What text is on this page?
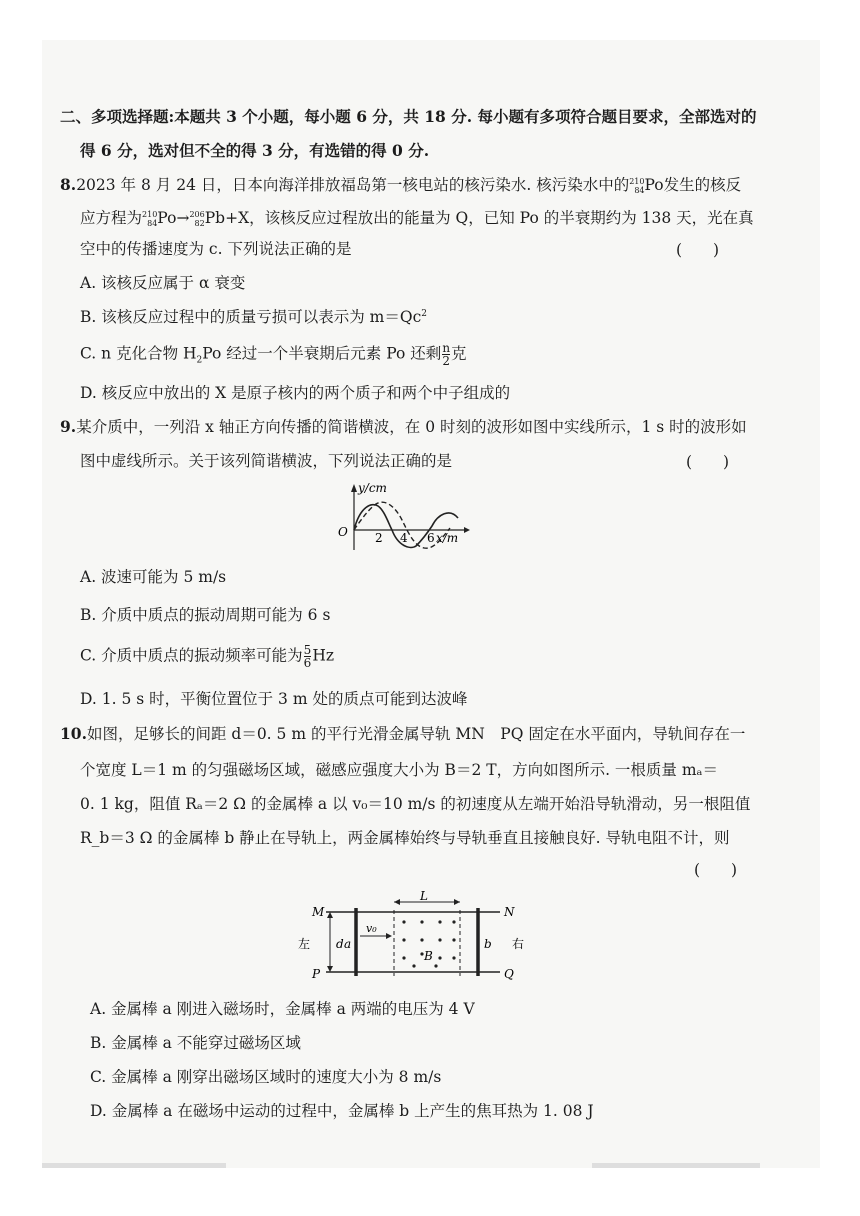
二、多项选择题:本题共 3 个小题，每小题 6 分，共 18 分. 每小题有多项符合题目要求，全部选对的
得 6 分，选对但不全的得 3 分，有选错的得 0 分.
8.2023 年 8 月 24 日，日本向海洋排放福岛第一核电站的核污染水. 核污染水中的 210
84 Po发生的核反
应方程为 210
84 Po→ 206
82 Pb+X，该核反应过程放出的能量为 Q，已知 Po 的半衰期约为 138 天，光在真
空中的传播速度为 c. 下列说法正确的是	(　　)
A. 该核反应属于 α 衰变
B. 该核反应过程中的质量亏损可以表示为 $m=Qc^2$
C. n 克化合物 $H_2Po$ 经过一个半衰期后元素 Po 还剩 $\frac{n}{2}$ 克
D. 核反应中放出的 X 是原子核内的两个质子和两个中子组成的
9.某介质中，一列沿 x 轴正方向传播的简谐横波，在 0 时刻的波形如图中实线所示，1 s 时的波形如
图中虚线所示。关于该列简谐横波，下列说法正确的是	(　　)
y/cm
O 2 4 6 x/m
A. 波速可能为 5 m/s
B. 介质中质点的振动周期可能为 6 s
C. 介质中质点的振动频率可能为 $\frac{5}{6}$ Hz
D. 1. 5 s 时，平衡位置位于 3 m 处的质点可能到达波峰
10.如图，足够长的间距 d＝0. 5 m 的平行光滑金属导轨 MN　PQ 固定在水平面内，导轨间存在一
个宽度 L＝1 m 的匀强磁场区域，磁感应强度大小为 B＝2 T，方向如图所示. 一根质量 mₐ＝
0. 1 kg，阻值 Rₐ＝2 Ω 的金属棒 a 以 v₀＝10 m/s 的初速度从左端开始沿导轨滑动，另一根阻值
R_b＝3 Ω 的金属棒 b 静止在导轨上，两金属棒始终与导轨垂直且接触良好. 导轨电阻不计，则
(　　)
L
M	N
P	Q
左	右
d a	b
v₀
B
A. 金属棒 a 刚进入磁场时，金属棒 a 两端的电压为 4 V
B. 金属棒 a 不能穿过磁场区域
C. 金属棒 a 刚穿出磁场区域时的速度大小为 8 m/s
D. 金属棒 a 在磁场中运动的过程中，金属棒 b 上产生的焦耳热为 1. 08 J
